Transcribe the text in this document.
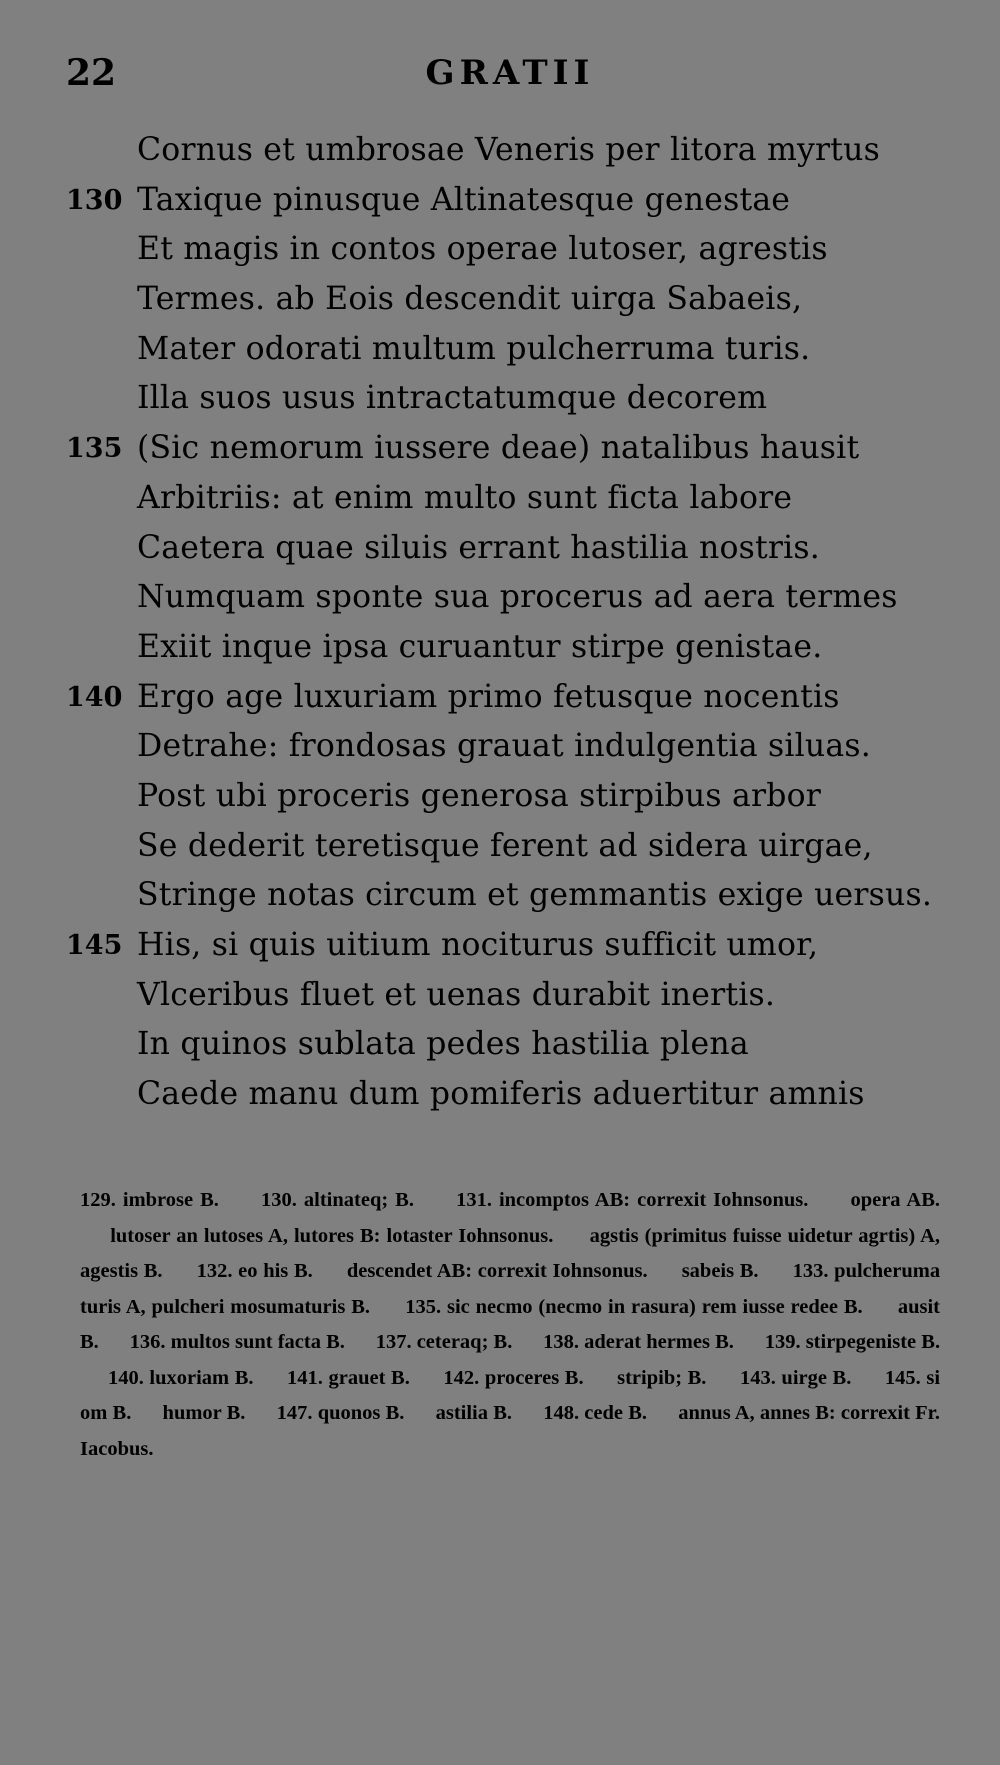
22	GRATII
Cornus et umbrosae Veneris per litora myrtus
130 Taxique pinusque Altinatesque genestae
Et magis in contos operae lutoser, agrestis
Termes. ab Eois descendit uirga Sabaeis,
Mater odorati multum pulcherruma turis.
Illa suos usus intractatumque decorem
135 (Sic nemorum iussere deae) natalibus hausit
Arbitriis: at enim multo sunt ficta labore
Caetera quae siluis errant hastilia nostris.
Numquam sponte sua procerus ad aera termes
Exiit inque ipsa curuantur stirpe genistae.
140 Ergo age luxuriam primo fetusque nocentis
Detrahe: frondosas grauat indulgentia siluas.
Post ubi proceris generosa stirpibus arbor
Se dederit teretisque ferent ad sidera uirgae,
Stringe notas circum et gemmantis exige uersus.
145 His, si quis uitium nociturus sufficit umor,
Vlceribus fluet et uenas durabit inertis.
In quinos sublata pedes hastilia plena
Caede manu dum pomiferis aduertitur amnis
129. imbrose B. 130. altinateq; B. 131. incomptos AB: correxit Iohnsonus. opera AB. lutoser an lutoses A, lutores B: lotaster Iohnsonus. agstis (primitus fuisse uidetur agrtis) A, agestis B. 132. eo his B. descendet AB: correxit Iohnsonus. sabeis B. 133. pulcheruma turis A, pulcheri mosumaturis B. 135. sic necmo (necmo in rasura) rem iusse redee B. ausit B. 136. multos sunt facta B. 137. ceteraq; B. 138. aderat hermes B. 139. stirpegeniste B. 140. luxoriam B. 141. grauet B. 142. proceres B. stripib; B. 143. uirge B. 145. si om B. humor B. 147. quonos B. astilia B. 148. cede B. annus A, annes B: correxit Fr. Iacobus.
